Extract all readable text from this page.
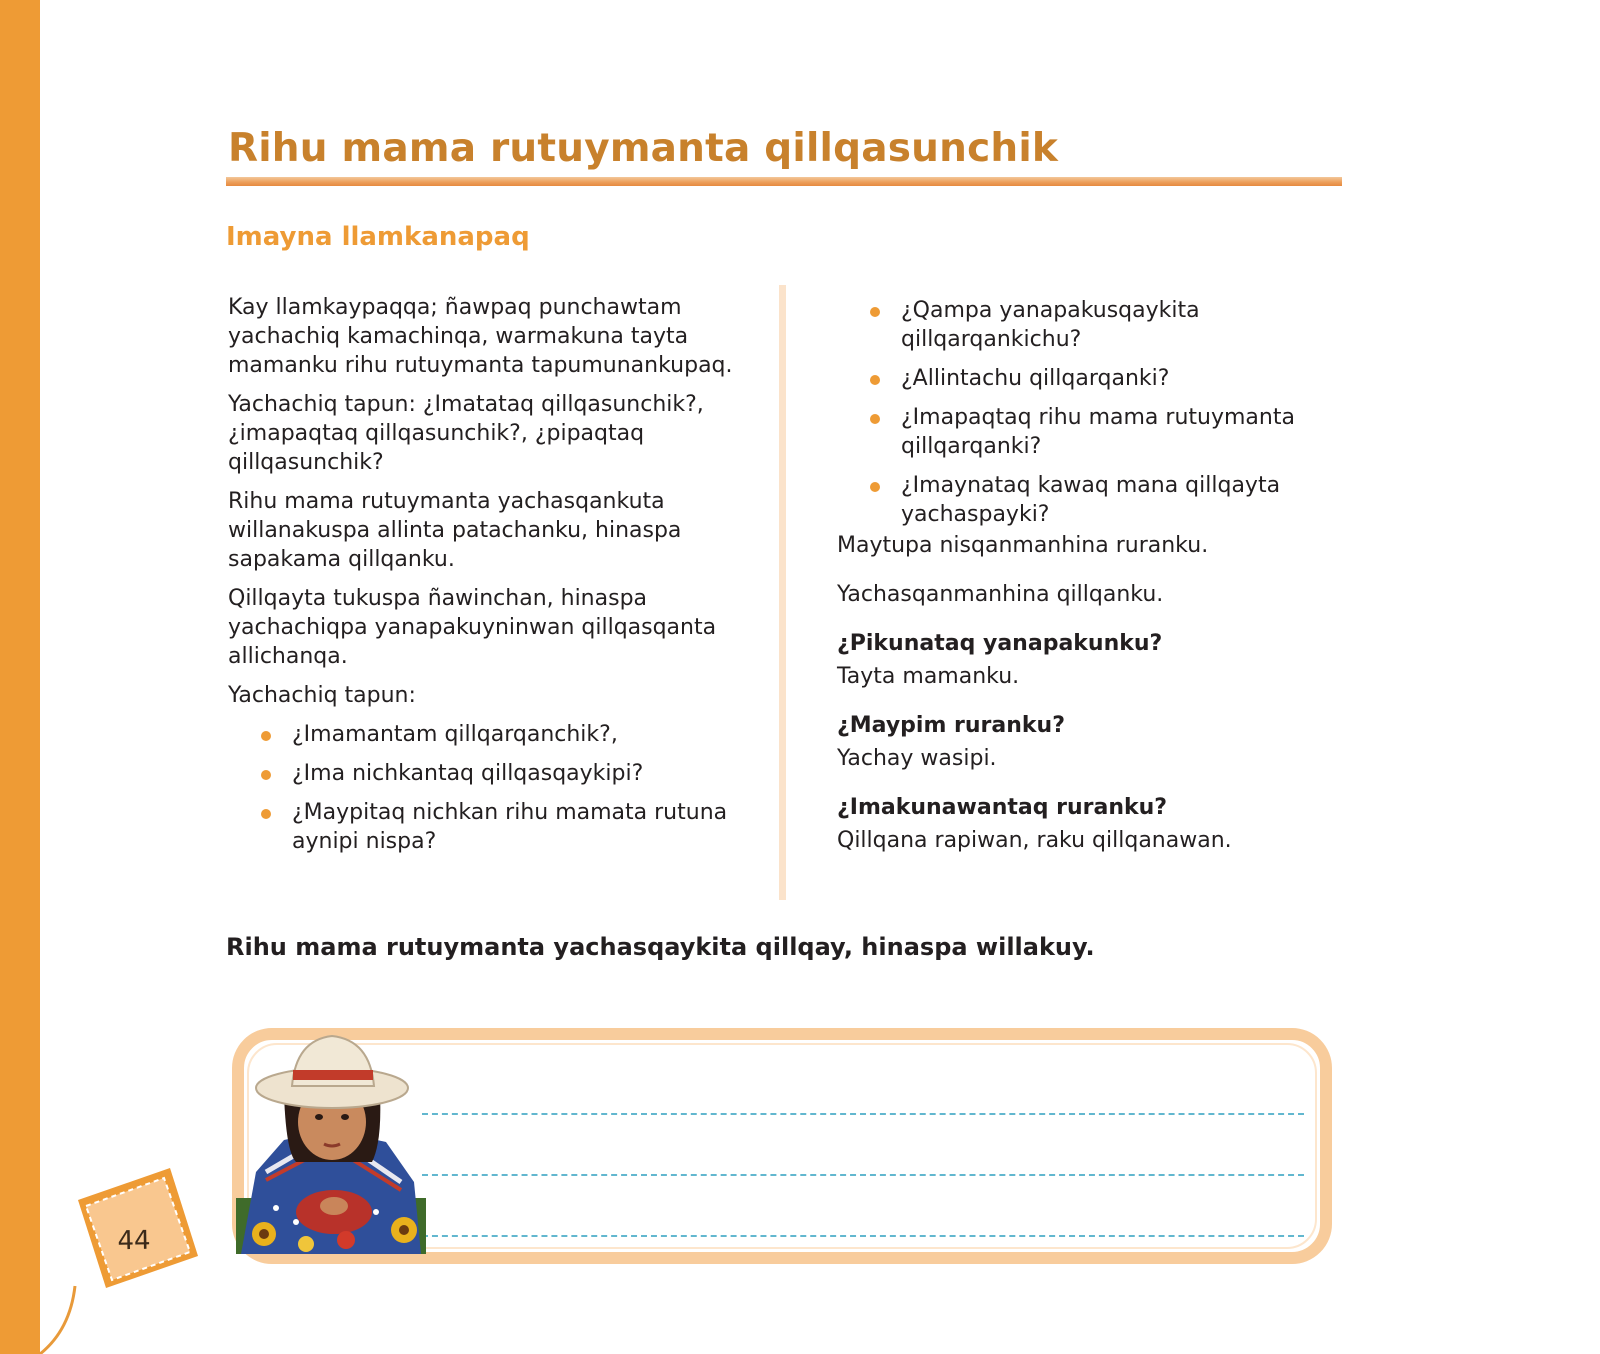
Rihu mama rutuymanta qillqasunchik
Imayna llamkanapaq

Kay llamkaypaqqa; ñawpaq punchawtam yachachiq kamachinqa, warmakuna tayta mamanku rihu rutuymanta tapumunankupaq.

Yachachiq tapun: ¿Imatataq qillqasunchik?, ¿imapaqtaq qillqasunchik?, ¿pipaqtaq qillqasunchik?

Rihu mama rutuymanta yachasqankuta willanakuspa allinta patachanku, hinaspa sapakama qillqanku.

Qillqayta tukuspa ñawinchan, hinaspa yachachiqpa yanapakuyninwan qillqasqanta allichanqa.

Yachachiq tapun:

¿Imamantam qillqarqanchik?,
¿Ima nichkantaq qillqasqaykipi?
¿Maypitaq nichkan rihu mamata rutuna aynipi nispa?
¿Qampa yanapakusqaykita qillqarqankichu?
¿Allintachu qillqarqanki?
¿Imapaqtaq rihu mama rutuymanta qillqarqanki?
¿Imaynataq kawaq mana qillqayta yachaspayki?

Maytupa nisqanmanhina ruranku.

Yachasqanmanhina qillqanku.

¿Pikunataq yanapakunku?

Tayta mamanku.

¿Maypim ruranku?

Yachay wasipi.

¿Imakunawantaq ruranku?

Qillqana rapiwan, raku qillqanawan.

Rihu mama rutuymanta yachasqaykita qillqay, hinaspa willakuy.

44
